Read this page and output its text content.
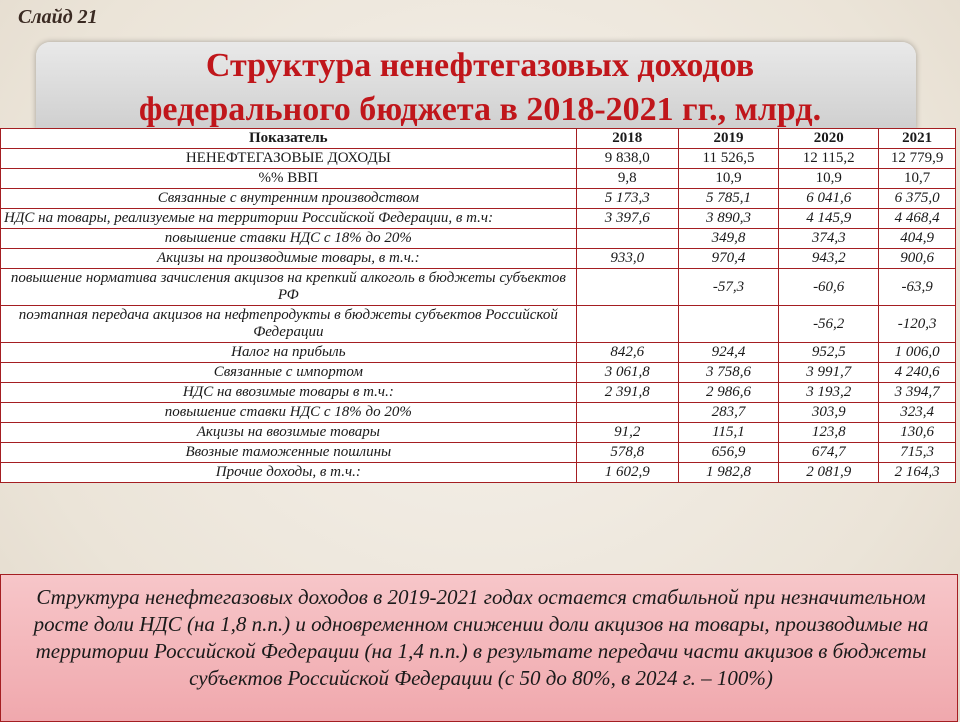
Слайд 21
Структура ненефтегазовых доходов
федерального бюджета в 2018-2021 гг., млрд.
Показатель	2018	2019	2020	2021
НЕНЕФТЕГАЗОВЫЕ ДОХОДЫ	9 838,0	11 526,5	12 115,2	12 779,9
%% ВВП	9,8	10,9	10,9	10,7
Связанные с внутренним производством	5 173,3	5 785,1	6 041,6	6 375,0
НДС на товары, реализуемые на территории Российской Федерации, в т.ч:	3 397,6	3 890,3	4 145,9	4 468,4
повышение ставки НДС с 18% до 20%		349,8	374,3	404,9
Акцизы на производимые товары, в т.ч.:	933,0	970,4	943,2	900,6
повышение норматива зачисления акцизов на крепкий алкоголь в бюджеты субъектов РФ		-57,3	-60,6	-63,9
поэтапная передача акцизов на нефтепродукты в бюджеты субъектов Российской Федерации			-56,2	-120,3
Налог на прибыль	842,6	924,4	952,5	1 006,0
Связанные с импортом	3 061,8	3 758,6	3 991,7	4 240,6
НДС на ввозимые товары в т.ч.:	2 391,8	2 986,6	3 193,2	3 394,7
повышение ставки НДС с 18% до 20%		283,7	303,9	323,4
Акцизы на ввозимые товары	91,2	115,1	123,8	130,6
Ввозные таможенные пошлины	578,8	656,9	674,7	715,3
Прочие доходы, в т.ч.:	1 602,9	1 982,8	2 081,9	2 164,3
Структура ненефтегазовых доходов в 2019-2021 годах остается стабильной при незначительном росте доли НДС (на 1,8 п.п.) и одновременном снижении доли акцизов на товары, производимые на территории Российской Федерации (на 1,4 п.п.) в результате передачи части акцизов в бюджеты субъектов Российской Федерации (с 50 до 80%, в 2024 г. – 100%)
